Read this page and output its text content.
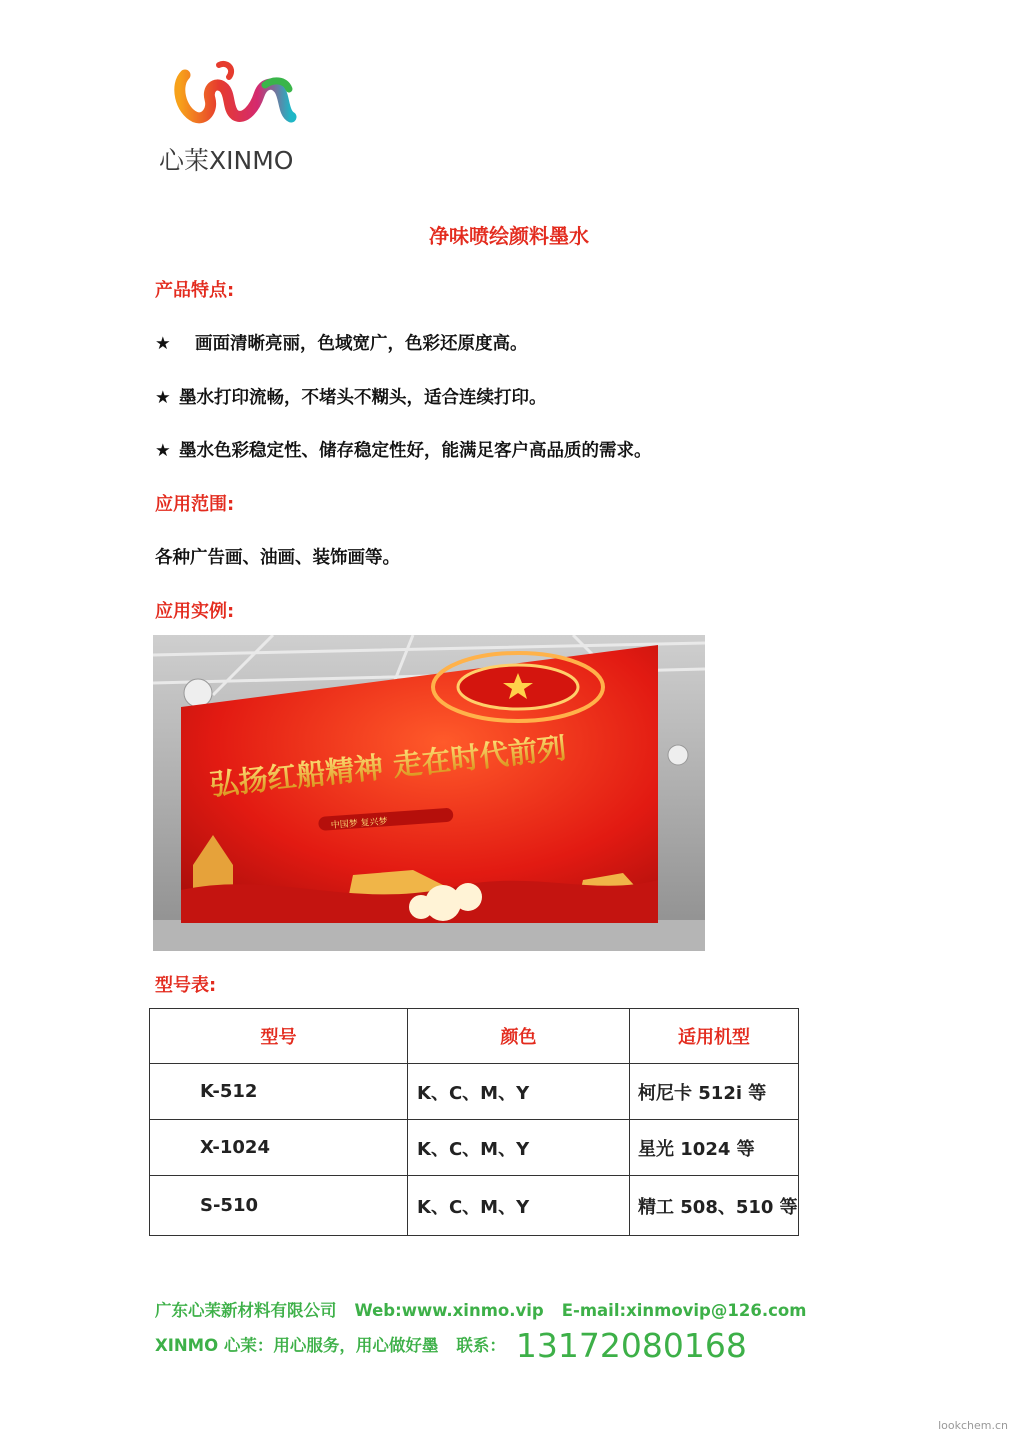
心茉XINMO
净味喷绘颜料墨水
产品特点:
★ 画面清晰亮丽，色域宽广，色彩还原度高。
★ 墨水打印流畅，不堵头不糊头，适合连续打印。
★ 墨水色彩稳定性、储存稳定性好，能满足客户高品质的需求。
应用范围:
各种广告画、油画、装饰画等。
应用实例:
弘扬红船精神 走在时代前列
中国梦 复兴梦
型号表:
型号	颜色	适用机型
K-512	K、C、M、Y	柯尼卡 512i 等
X-1024	K、C、M、Y	星光 1024 等
S-510	K、C、M、Y	精工 508、510 等
广东心茉新材料有限公司 Web:www.xinmo.vip E-mail:xinmovip@126.com
XINMO 心茉：用心服务，用心做好墨 联系： 13172080168
lookchem.cn
